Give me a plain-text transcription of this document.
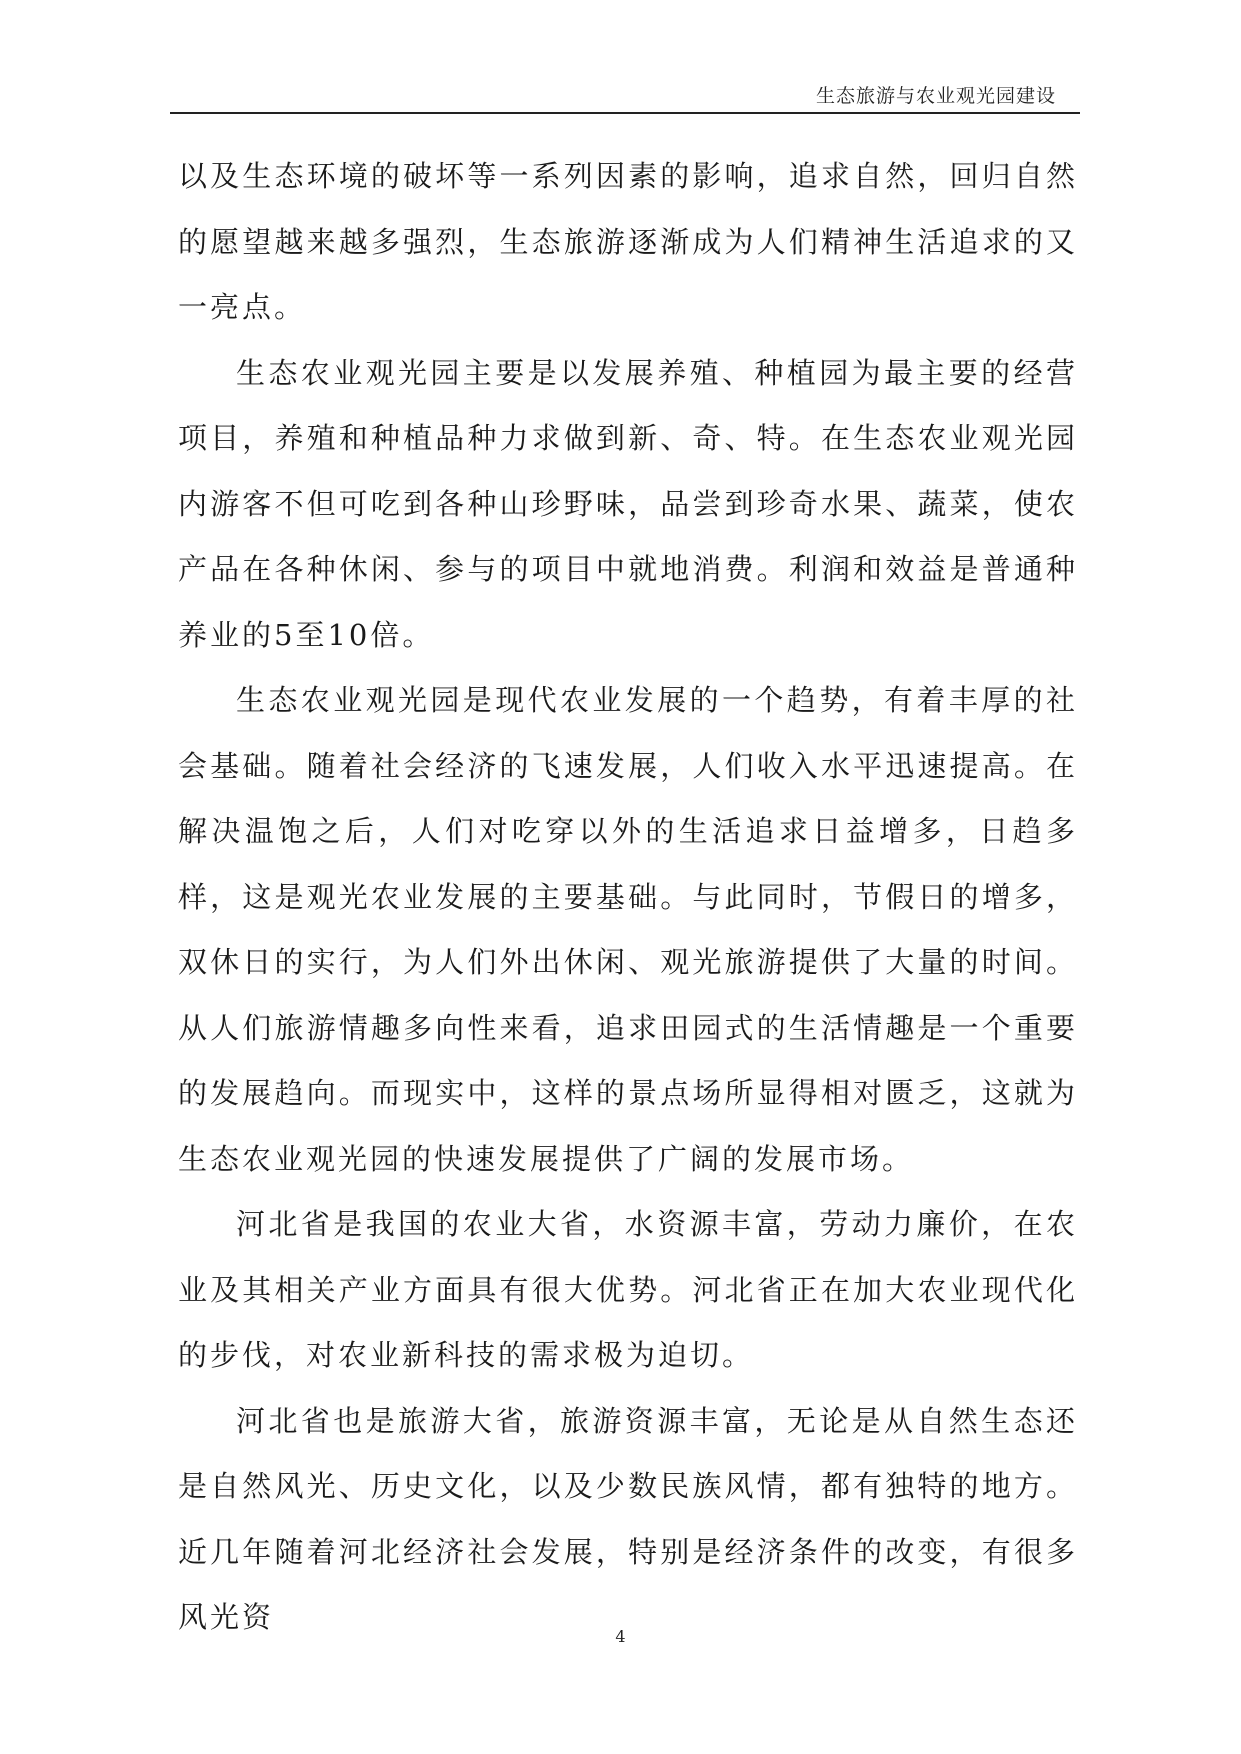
生态旅游与农业观光园建设

以及生态环境的破坏等一系列因素的影响，追求自然，回归自然的愿望越来越多强烈，生态旅游逐渐成为人们精神生活追求的又一亮点。

生态农业观光园主要是以发展养殖、种植园为最主要的经营项目，养殖和种植品种力求做到新、奇、特。在生态农业观光园内游客不但可吃到各种山珍野味，品尝到珍奇水果、蔬菜，使农产品在各种休闲、参与的项目中就地消费。利润和效益是普通种养业的5至10倍。

生态农业观光园是现代农业发展的一个趋势，有着丰厚的社会基础。随着社会经济的飞速发展，人们收入水平迅速提高。在解决温饱之后，人们对吃穿以外的生活追求日益增多，日趋多样，这是观光农业发展的主要基础。与此同时，节假日的增多，双休日的实行，为人们外出休闲、观光旅游提供了大量的时间。从人们旅游情趣多向性来看，追求田园式的生活情趣是一个重要的发展趋向。而现实中，这样的景点场所显得相对匮乏，这就为生态农业观光园的快速发展提供了广阔的发展市场。

河北省是我国的农业大省，水资源丰富，劳动力廉价，在农业及其相关产业方面具有很大优势。河北省正在加大农业现代化的步伐，对农业新科技的需求极为迫切。

河北省也是旅游大省，旅游资源丰富，无论是从自然生态还是自然风光、历史文化，以及少数民族风情，都有独特的地方。近几年随着河北经济社会发展，特别是经济条件的改变，有很多风光资

4
